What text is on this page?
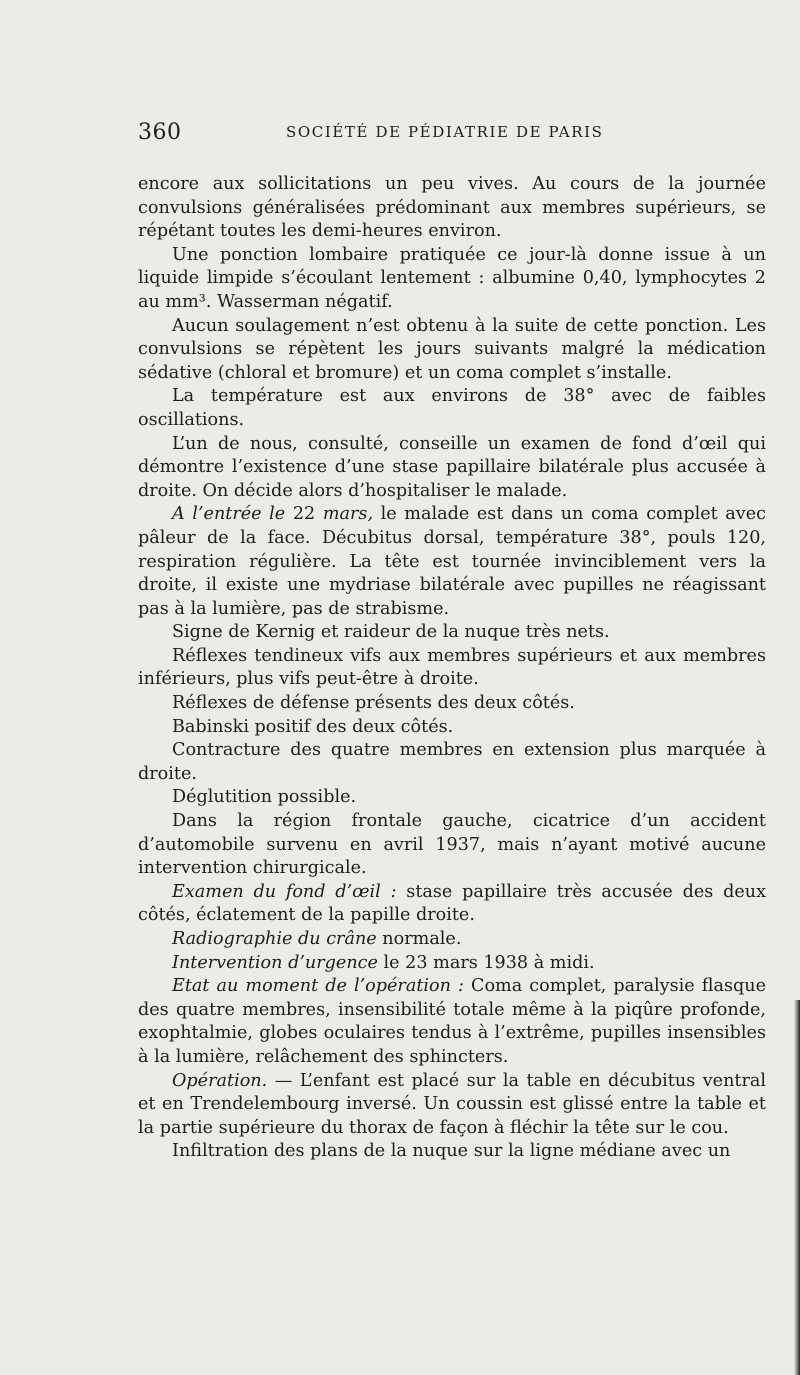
360	SOCIÉTÉ DE PÉDIATRIE DE PARIS

encore aux sollicitations un peu vives. Au cours de la journée convulsions généralisées prédominant aux membres supérieurs, se répétant toutes les demi-heures environ.

Une ponction lombaire pratiquée ce jour-là donne issue à un liquide limpide s’écoulant lentement : albumine 0,40, lymphocytes 2 au mm³. Wasserman négatif.

Aucun soulagement n’est obtenu à la suite de cette ponction. Les convulsions se répètent les jours suivants malgré la médication sédative (chloral et bromure) et un coma complet s’installe.

La température est aux environs de 38° avec de faibles oscillations.

L’un de nous, consulté, conseille un examen de fond d’œil qui démontre l’existence d’une stase papillaire bilatérale plus accusée à droite. On décide alors d’hospitaliser le malade.

A l’entrée le 22 mars, le malade est dans un coma complet avec pâleur de la face. Décubitus dorsal, température 38°, pouls 120, respiration régulière. La tête est tournée invinciblement vers la droite, il existe une mydriase bilatérale avec pupilles ne réagissant pas à la lumière, pas de strabisme.

Signe de Kernig et raideur de la nuque très nets.

Réflexes tendineux vifs aux membres supérieurs et aux membres inférieurs, plus vifs peut-être à droite.

Réflexes de défense présents des deux côtés.

Babinski positif des deux côtés.

Contracture des quatre membres en extension plus marquée à droite.

Déglutition possible.

Dans la région frontale gauche, cicatrice d’un accident d’automobile survenu en avril 1937, mais n’ayant motivé aucune intervention chirurgicale.

Examen du fond d’œil : stase papillaire très accusée des deux côtés, éclatement de la papille droite.

Radiographie du crâne normale.

Intervention d’urgence le 23 mars 1938 à midi.

Etat au moment de l’opération : Coma complet, paralysie flasque des quatre membres, insensibilité totale même à la piqûre profonde, exophtalmie, globes oculaires tendus à l’extrême, pupilles insensibles à la lumière, relâchement des sphincters.

Opération. — L’enfant est placé sur la table en décubitus ventral et en Trendelembourg inversé. Un coussin est glissé entre la table et la partie supérieure du thorax de façon à fléchir la tête sur le cou.

Infiltration des plans de la nuque sur la ligne médiane avec un
